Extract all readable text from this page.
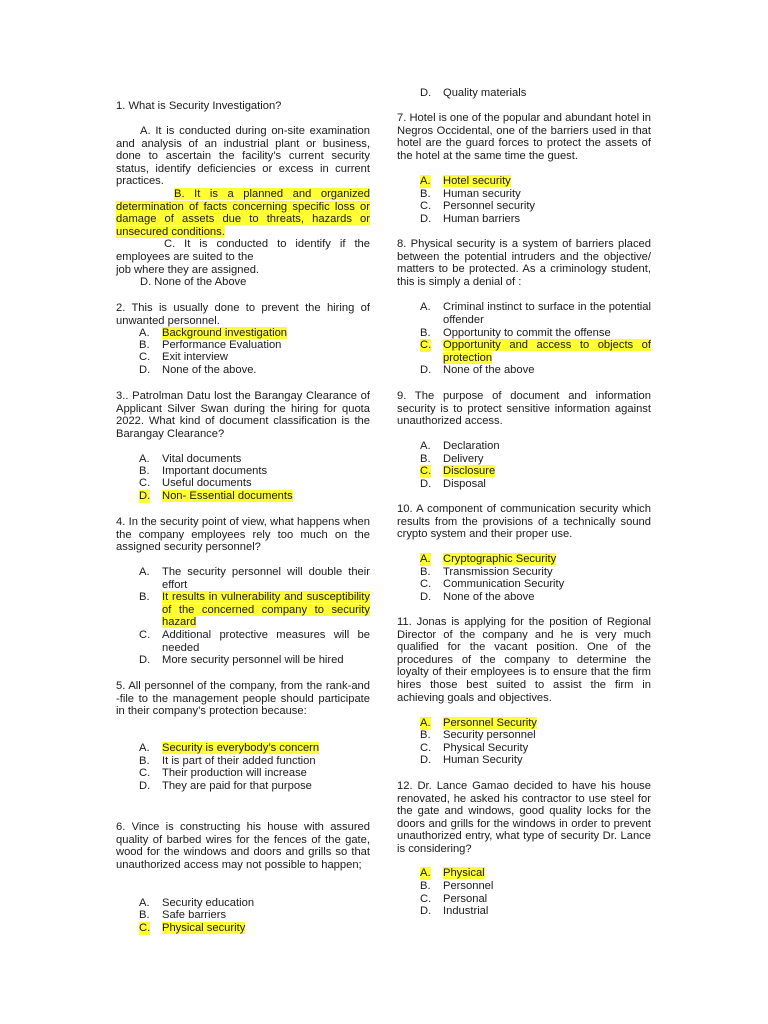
1. What is Security Investigation?
A. It is conducted during on-site examination and analysis of an industrial plant or business, done to ascertain the facility’s current security status, identify deficiencies or excess in current practices.
B. It is a planned and organized determination of facts concerning specific loss or damage of assets due to threats, hazards or unsecured conditions.
C. It is conducted to identify if the employees are suited to the
job where they are assigned.
D. None of the Above
2. This is usually done to prevent the hiring of unwanted personnel.
A. Background investigation
B. Performance Evaluation
C. Exit interview
D. None of the above.
3.. Patrolman Datu lost the Barangay Clearance of Applicant Silver Swan during the hiring for quota 2022. What kind of document classification is the Barangay Clearance?
A. Vital documents
B. Important documents
C. Useful documents
D. Non- Essential documents
4. In the security point of view, what happens when the company employees rely too much on the assigned security personnel?
A. The security personnel will double their effort
B. It results in vulnerability and susceptibility of the concerned company to security hazard
C. Additional protective measures will be needed
D. More security personnel will be hired
5. All personnel of the company, from the rank-and -file to the management people should participate in their company’s protection because:
A. Security is everybody’s concern
B. It is part of their added function
C. Their production will increase
D. They are paid for that purpose
6. Vince is constructing his house with assured quality of barbed wires for the fences of the gate, wood for the windows and doors and grills so that unauthorized access may not possible to happen;
A. Security education
B. Safe barriers
C. Physical security
D. Quality materials
7. Hotel is one of the popular and abundant hotel in Negros Occidental, one of the barriers used in that hotel are the guard forces to protect the assets of the hotel at the same time the guest.
A. Hotel security
B. Human security
C. Personnel security
D. Human barriers
8. Physical security is a system of barriers placed between the potential intruders and the objective/ matters to be protected. As a criminology student, this is simply a denial of :
A. Criminal instinct to surface in the potential offender
B. Opportunity to commit the offense
C. Opportunity and access to objects of protection
D. None of the above
9. The purpose of document and information security is to protect sensitive information against unauthorized access.
A. Declaration
B. Delivery
C. Disclosure
D. Disposal
10. A component of communication security which results from the provisions of a technically sound crypto system and their proper use.
A. Cryptographic Security
B. Transmission Security
C. Communication Security
D. None of the above
11. Jonas is applying for the position of Regional Director of the company and he is very much qualified for the vacant position. One of the procedures of the company to determine the loyalty of their employees is to ensure that the firm hires those best suited to assist the firm in achieving goals and objectives.
A. Personnel Security
B. Security personnel
C. Physical Security
D. Human Security
12. Dr. Lance Gamao decided to have his house renovated, he asked his contractor to use steel for the gate and windows, good quality locks for the doors and grills for the windows in order to prevent unauthorized entry, what type of security Dr. Lance is considering?
A. Physical
B. Personnel
C. Personal
D. Industrial
